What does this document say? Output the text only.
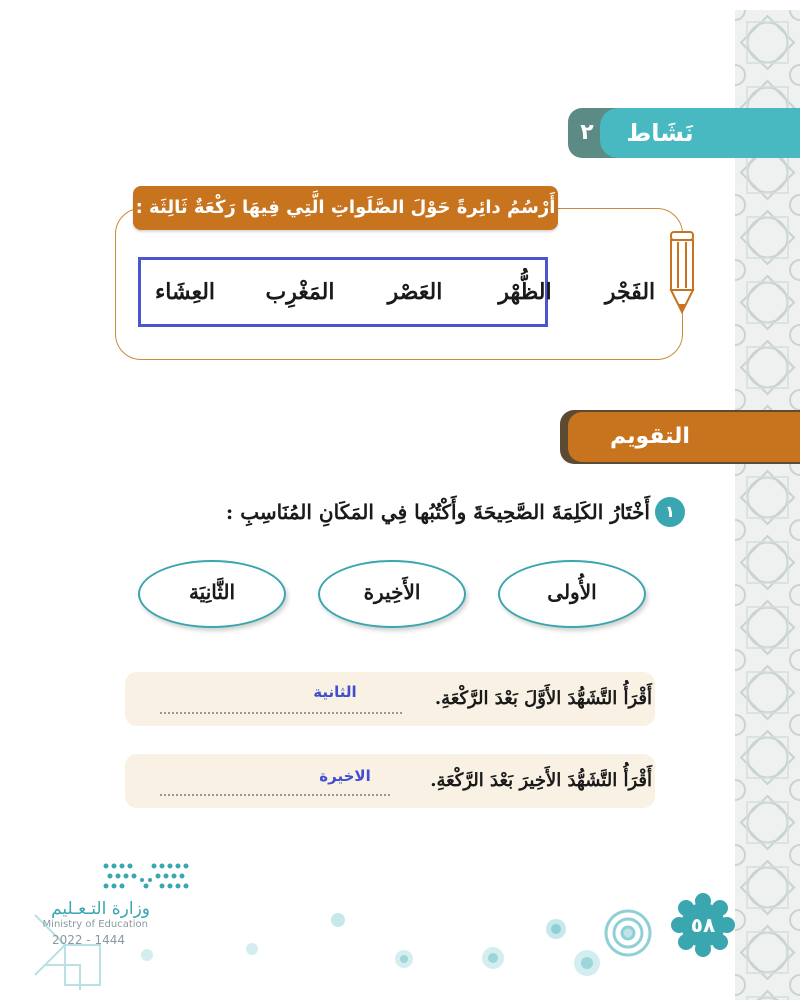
٢	نَشَاط
أَرْسُمُ دائِرةً حَوْلَ الصَّلَواتِ الَّتِي فِيهَا رَكْعَةٌ ثَالِثَة :
الفَجْر
الظُّهْر
العَصْر
المَغْرِب
العِشَاء
التقويم
١
أَخْتَارُ الكَلِمَةَ الصَّحِيحَةَ وأَكْتُبُها فِي المَكَانِ المُنَاسِبِ :
الأُولى
الأَخِيرة
الثَّانِيَة
أَقْرَأُ التَّشَهُّدَ الأَوَّلَ بَعْدَ الرَّكْعَةِ.
الثانية
أَقْرَأُ التَّشَهُّدَ الأَخِيرَ بَعْدَ الرَّكْعَةِ.
الاخيرة
٥٨
وزارة التـعـليم
Ministry of Education
2022 - 1444
